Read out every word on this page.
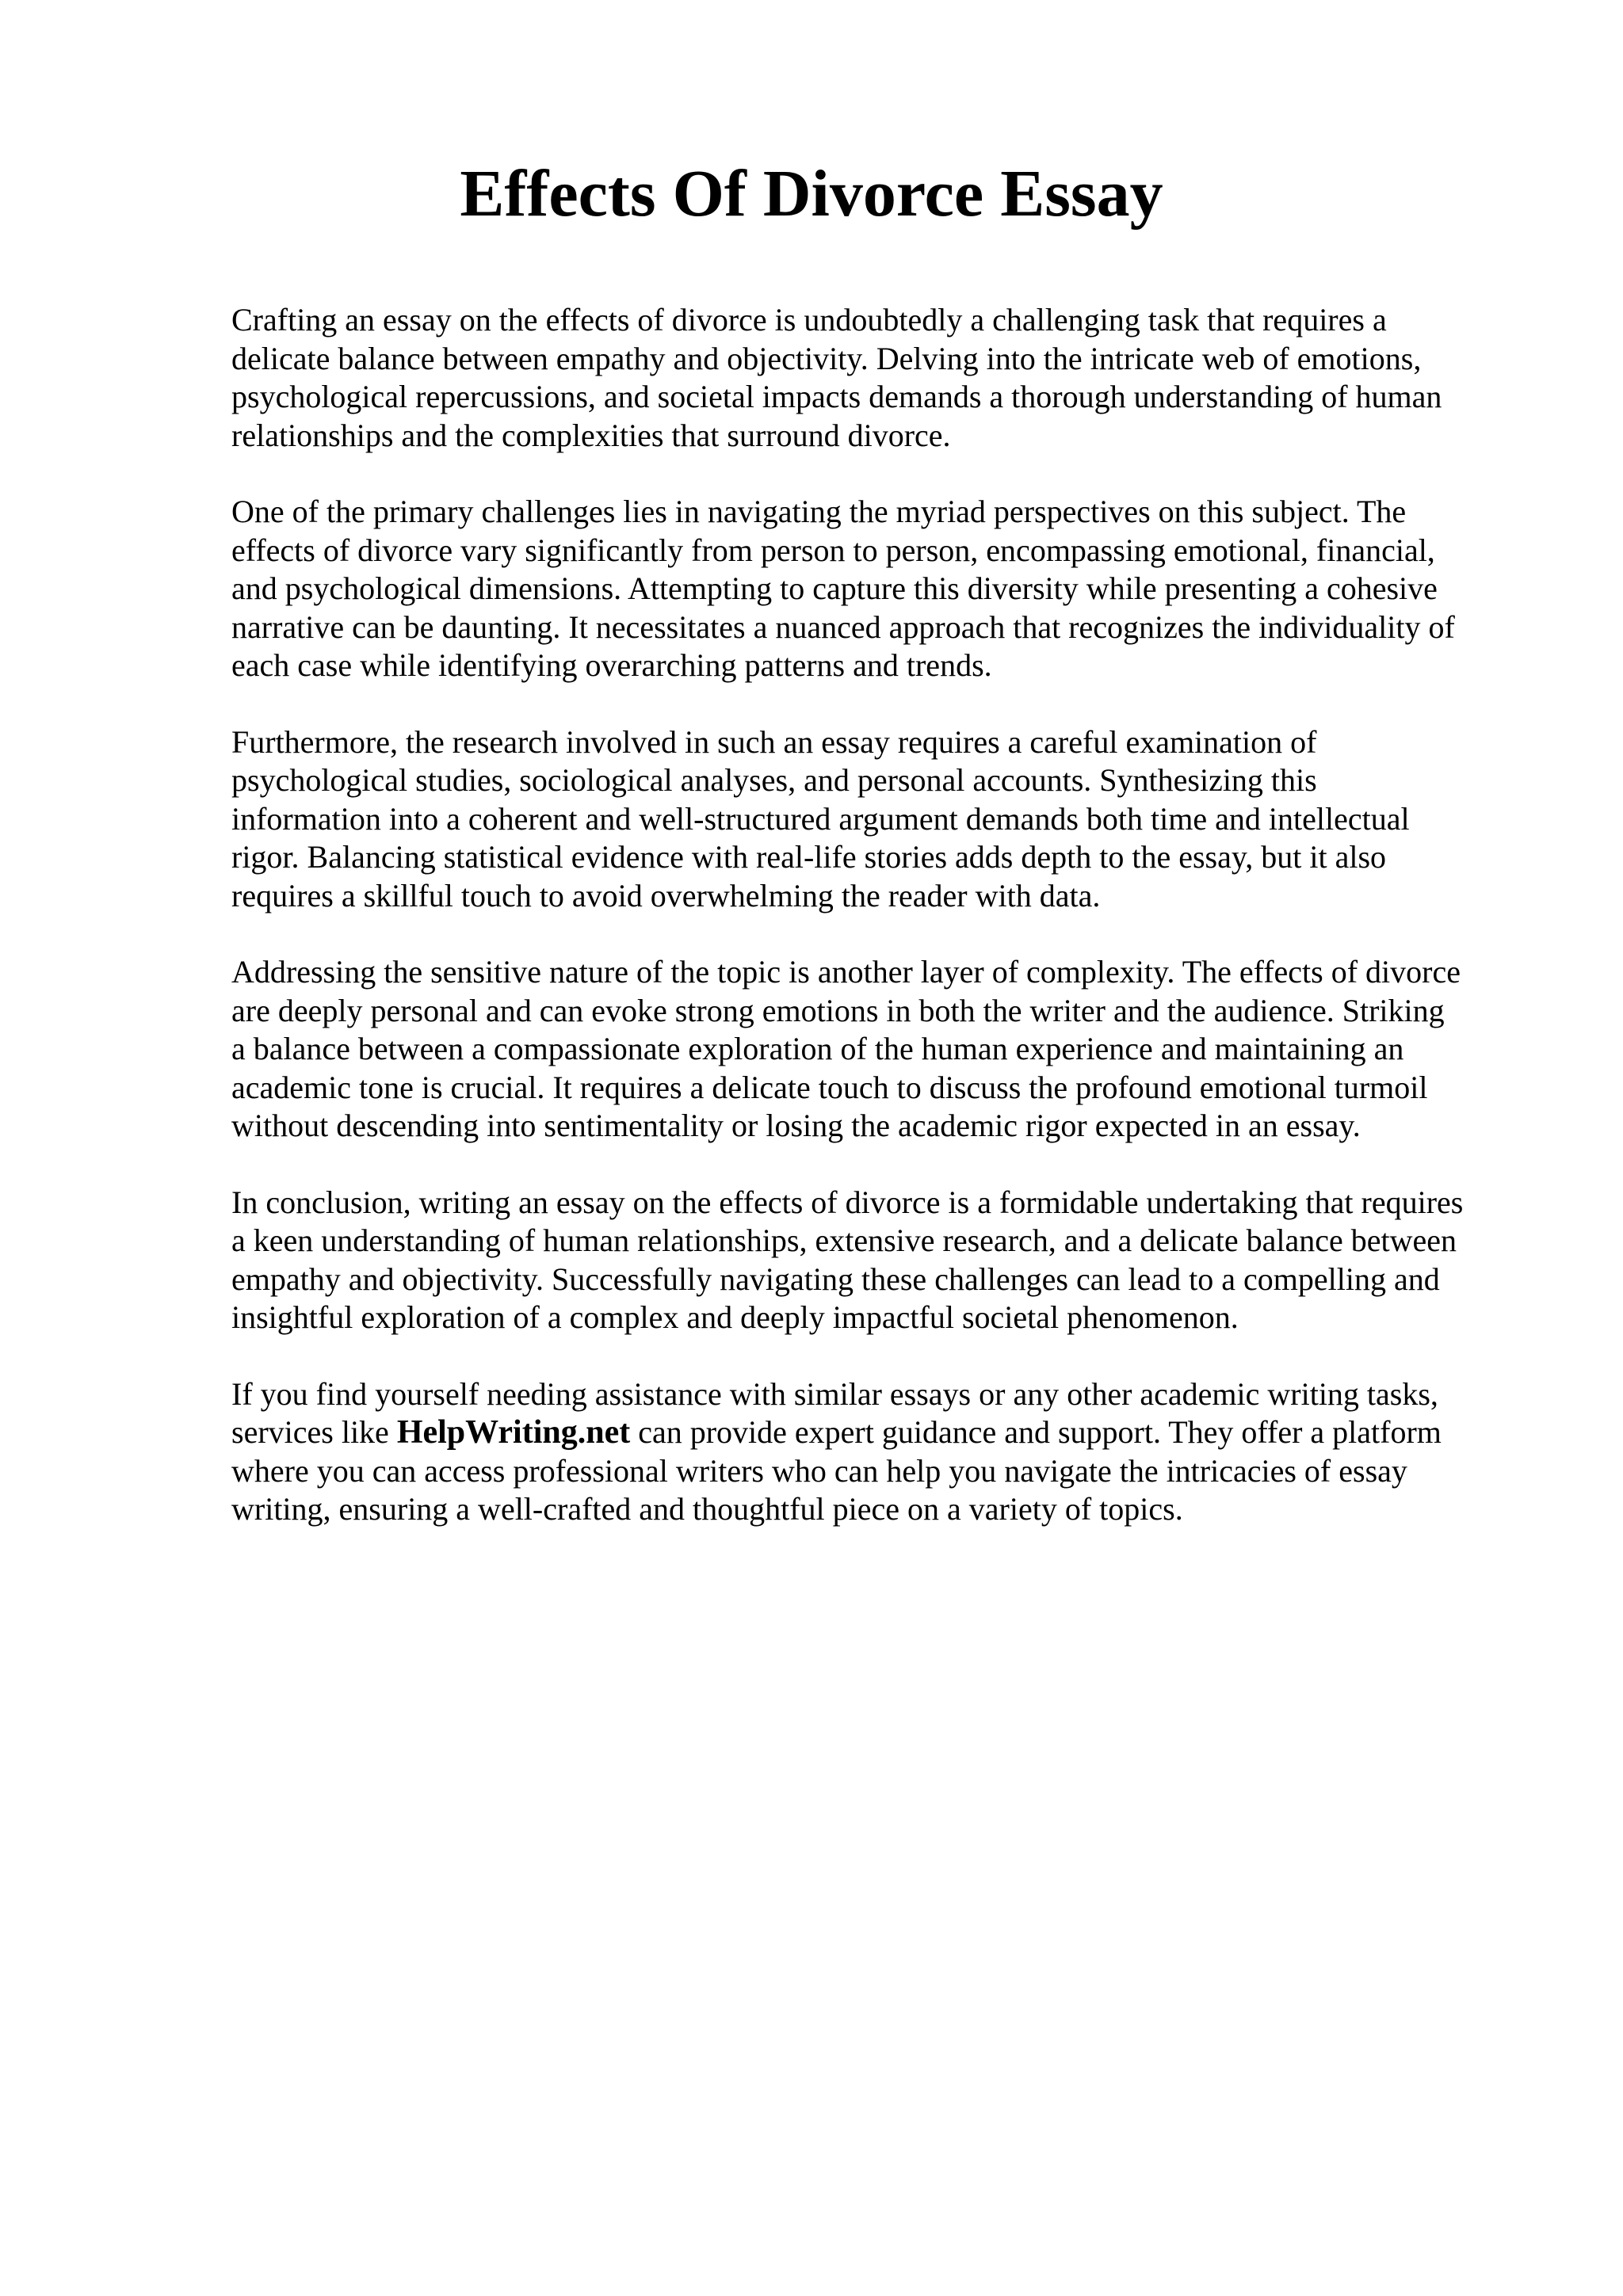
Effects Of Divorce Essay

Crafting an essay on the effects of divorce is undoubtedly a challenging task that requires a
delicate balance between empathy and objectivity. Delving into the intricate web of emotions,
psychological repercussions, and societal impacts demands a thorough understanding of human
relationships and the complexities that surround divorce.

One of the primary challenges lies in navigating the myriad perspectives on this subject. The
effects of divorce vary significantly from person to person, encompassing emotional, financial,
and psychological dimensions. Attempting to capture this diversity while presenting a cohesive
narrative can be daunting. It necessitates a nuanced approach that recognizes the individuality of
each case while identifying overarching patterns and trends.

Furthermore, the research involved in such an essay requires a careful examination of
psychological studies, sociological analyses, and personal accounts. Synthesizing this
information into a coherent and well-structured argument demands both time and intellectual
rigor. Balancing statistical evidence with real-life stories adds depth to the essay, but it also
requires a skillful touch to avoid overwhelming the reader with data.

Addressing the sensitive nature of the topic is another layer of complexity. The effects of divorce
are deeply personal and can evoke strong emotions in both the writer and the audience. Striking
a balance between a compassionate exploration of the human experience and maintaining an
academic tone is crucial. It requires a delicate touch to discuss the profound emotional turmoil
without descending into sentimentality or losing the academic rigor expected in an essay.

In conclusion, writing an essay on the effects of divorce is a formidable undertaking that requires
a keen understanding of human relationships, extensive research, and a delicate balance between
empathy and objectivity. Successfully navigating these challenges can lead to a compelling and
insightful exploration of a complex and deeply impactful societal phenomenon.

If you find yourself needing assistance with similar essays or any other academic writing tasks,
services like HelpWriting.net can provide expert guidance and support. They offer a platform
where you can access professional writers who can help you navigate the intricacies of essay
writing, ensuring a well-crafted and thoughtful piece on a variety of topics.
